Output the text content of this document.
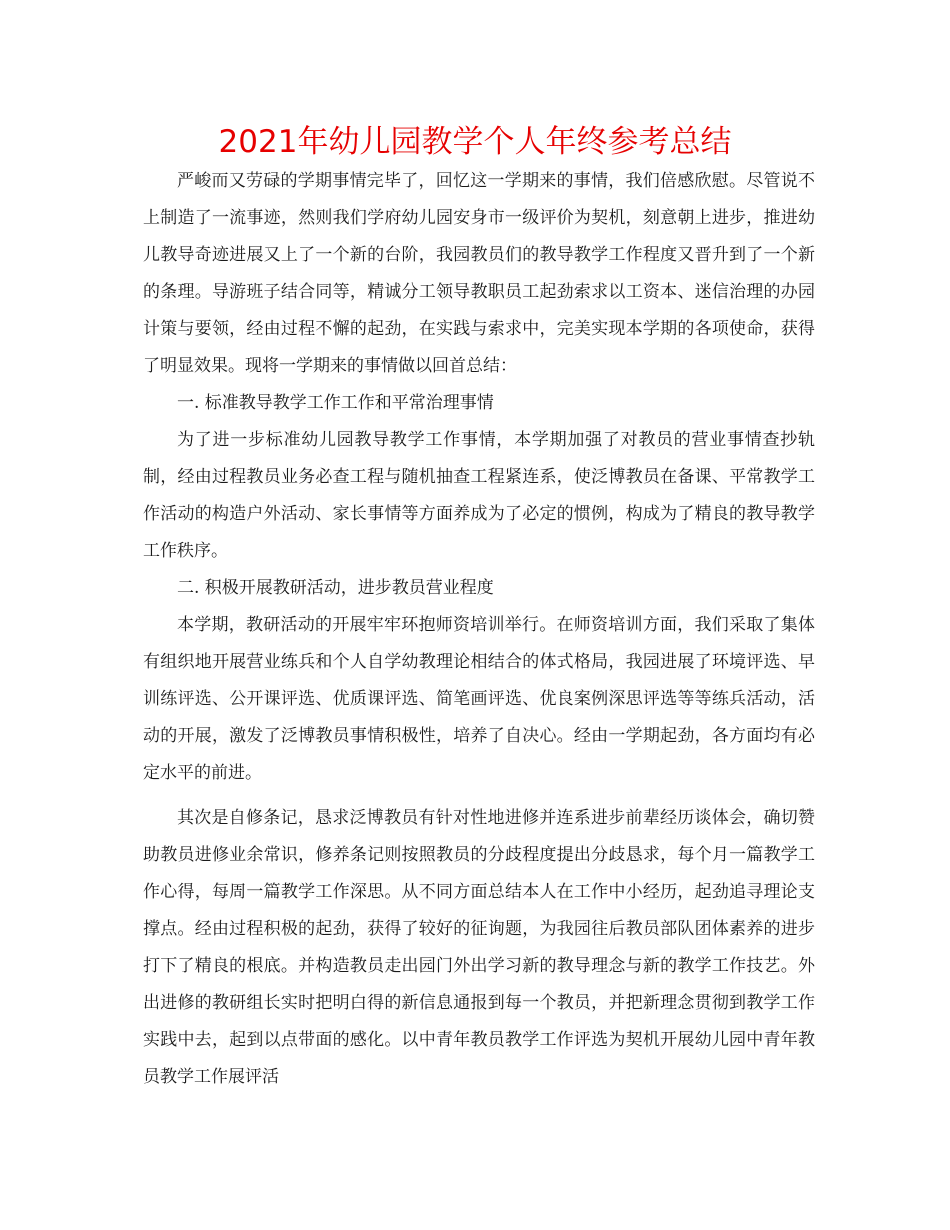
2021年幼儿园教学个人年终参考总结

严峻而又劳碌的学期事情完毕了，回忆这一学期来的事情，我们倍感欣慰。尽管说不上制造了一流事迹，然则我们学府幼儿园安身市一级评价为契机，刻意朝上进步，推进幼儿教导奇迹进展又上了一个新的台阶，我园教员们的教导教学工作程度又晋升到了一个新的条理。导游班子结合同等，精诚分工领导教职员工起劲索求以工资本、迷信治理的办园计策与要领，经由过程不懈的起劲，在实践与索求中，完美实现本学期的各项使命，获得了明显效果。现将一学期来的事情做以回首总结：

一. 标准教导教学工作工作和平常治理事情

为了进一步标准幼儿园教导教学工作事情，本学期加强了对教员的营业事情查抄轨制，经由过程教员业务必查工程与随机抽查工程紧连系，使泛博教员在备课、平常教学工作活动的构造户外活动、家长事情等方面养成为了必定的惯例，构成为了精良的教导教学工作秩序。

二. 积极开展教研活动，进步教员营业程度

本学期，教研活动的开展牢牢环抱师资培训举行。在师资培训方面，我们采取了集体有组织地开展营业练兵和个人自学幼教理论相结合的体式格局，我园进展了环境评选、早训练评选、公开课评选、优质课评选、简笔画评选、优良案例深思评选等等练兵活动，活动的开展，激发了泛博教员事情积极性，培养了自决心。经由一学期起劲，各方面均有必定水平的前进。

其次是自修条记，恳求泛博教员有针对性地进修并连系进步前辈经历谈体会，确切赞助教员进修业余常识，修养条记则按照教员的分歧程度提出分歧恳求，每个月一篇教学工作心得，每周一篇教学工作深思。从不同方面总结本人在工作中小经历，起劲追寻理论支撑点。经由过程积极的起劲，获得了较好的征询题，为我园往后教员部队团体素养的进步打下了精良的根底。并构造教员走出园门外出学习新的教导理念与新的教学工作技艺。外出进修的教研组长实时把明白得的新信息通报到每一个教员，并把新理念贯彻到教学工作实践中去，起到以点带面的感化。以中青年教员教学工作评选为契机开展幼儿园中青年教员教学工作展评活
